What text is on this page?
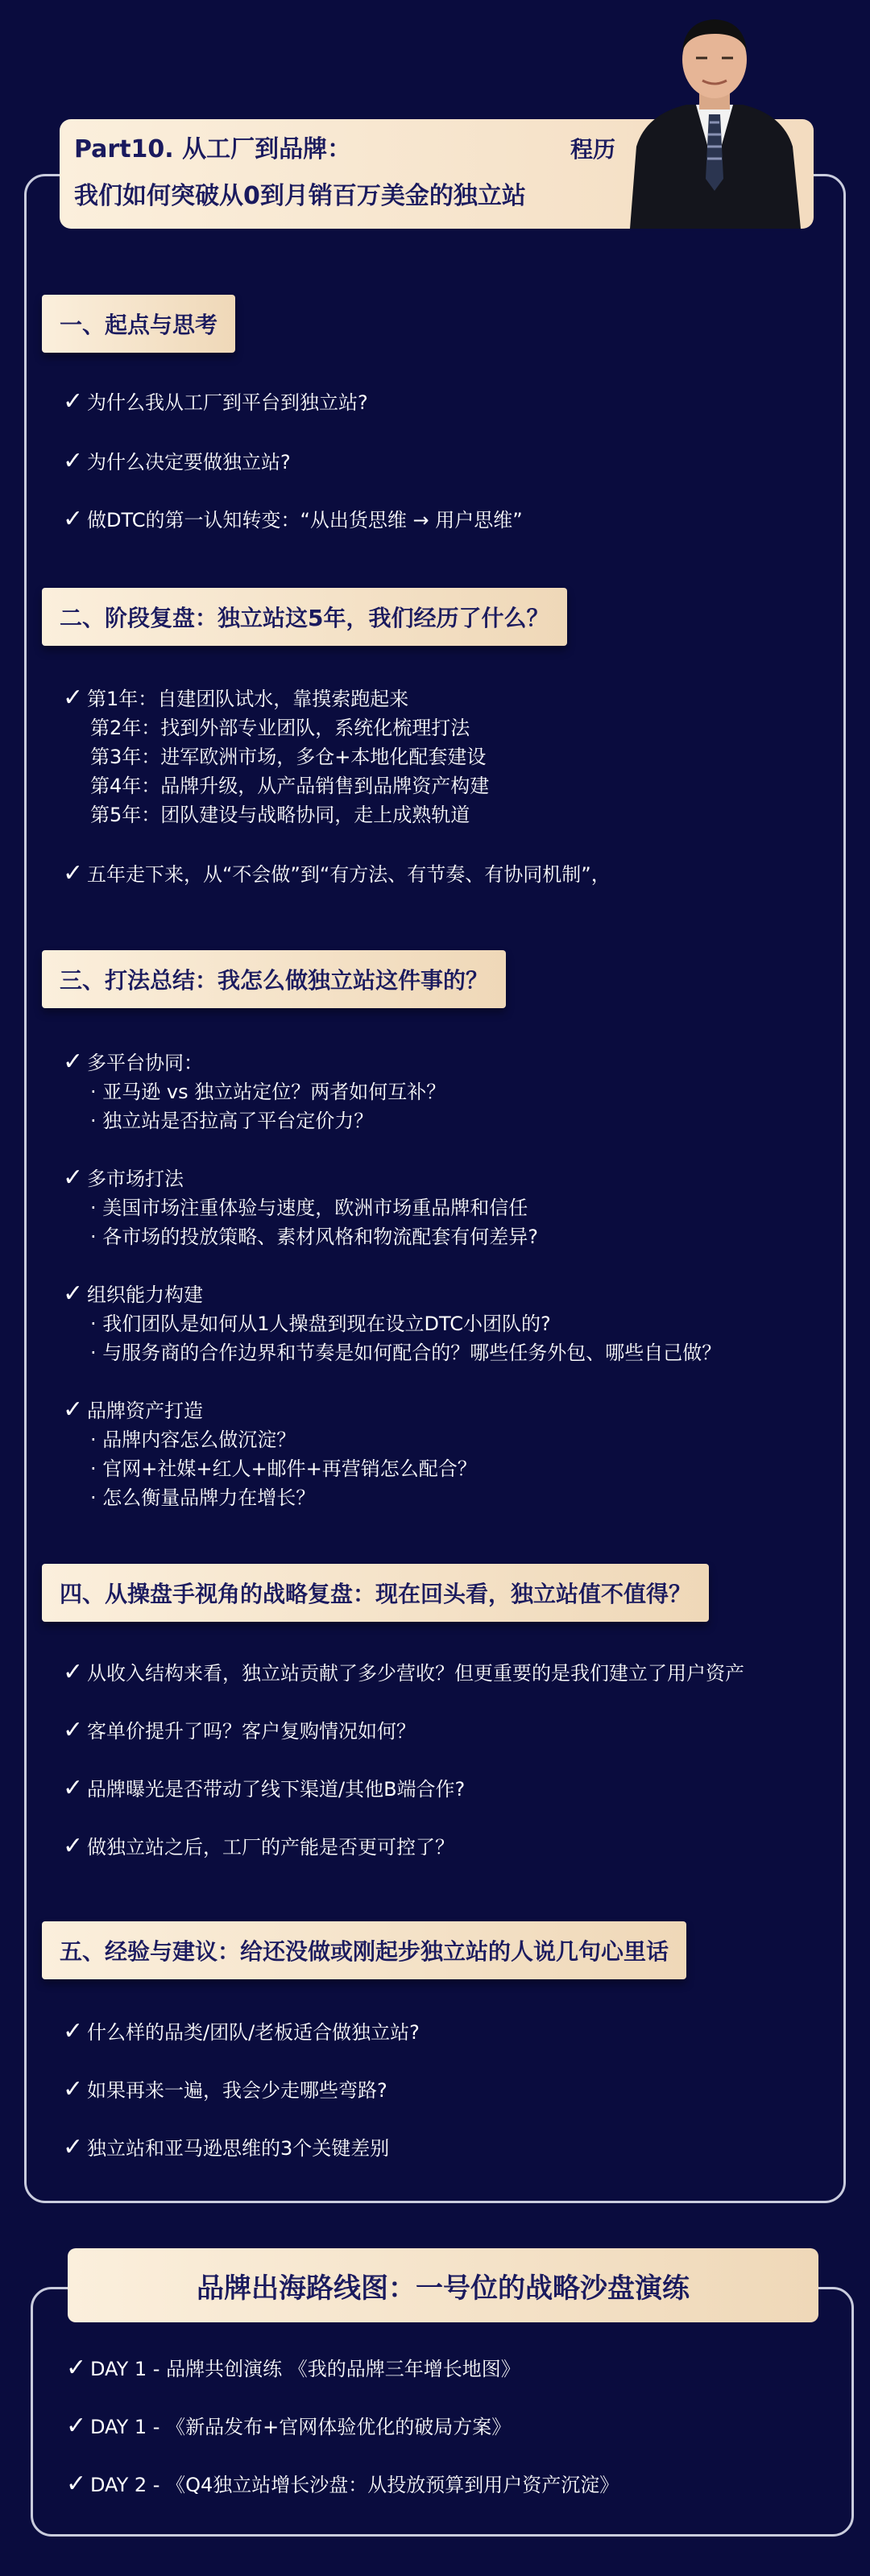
Part10. 从工厂到品牌：
我们如何突破从0到月销百万美金的独立站
程历
一、起点与思考
✓ 为什么我从工厂到平台到独立站?
✓ 为什么决定要做独立站?
✓ 做DTC的第一认知转变：“从出货思维 → 用户思维”
二、阶段复盘：独立站这5年，我们经历了什么？
✓ 第1年：自建团队试水，靠摸索跑起来
第2年：找到外部专业团队，系统化梳理打法
第3年：进军欧洲市场，多仓+本地化配套建设
第4年：品牌升级，从产品销售到品牌资产构建
第5年：团队建设与战略协同，走上成熟轨道
✓ 五年走下来，从“不会做”到“有方法、有节奏、有协同机制”，
三、打法总结：我怎么做独立站这件事的？
✓ 多平台协同：
· 亚马逊 vs 独立站定位？两者如何互补？
· 独立站是否拉高了平台定价力？
✓ 多市场打法
· 美国市场注重体验与速度，欧洲市场重品牌和信任
· 各市场的投放策略、素材风格和物流配套有何差异?
✓ 组织能力构建
· 我们团队是如何从1人操盘到现在设立DTC小团队的?
· 与服务商的合作边界和节奏是如何配合的？哪些任务外包、哪些自己做？
✓ 品牌资产打造
· 品牌内容怎么做沉淀？
· 官网+社媒+红人+邮件+再营销怎么配合？
· 怎么衡量品牌力在增长？
四、从操盘手视角的战略复盘：现在回头看，独立站值不值得？
✓ 从收入结构来看，独立站贡献了多少营收？但更重要的是我们建立了用户资产
✓ 客单价提升了吗？客户复购情况如何？
✓ 品牌曝光是否带动了线下渠道/其他B端合作?
✓ 做独立站之后，工厂的产能是否更可控了？
五、经验与建议：给还没做或刚起步独立站的人说几句心里话
✓ 什么样的品类/团队/老板适合做独立站?
✓ 如果再来一遍，我会少走哪些弯路?
✓ 独立站和亚马逊思维的3个关键差别
品牌出海路线图：一号位的战略沙盘演练
✓ DAY 1 - 品牌共创演练 《我的品牌三年增长地图》
✓ DAY 1 - 《新品发布+官网体验优化的破局方案》
✓ DAY 2 - 《Q4独立站增长沙盘：从投放预算到用户资产沉淀》
